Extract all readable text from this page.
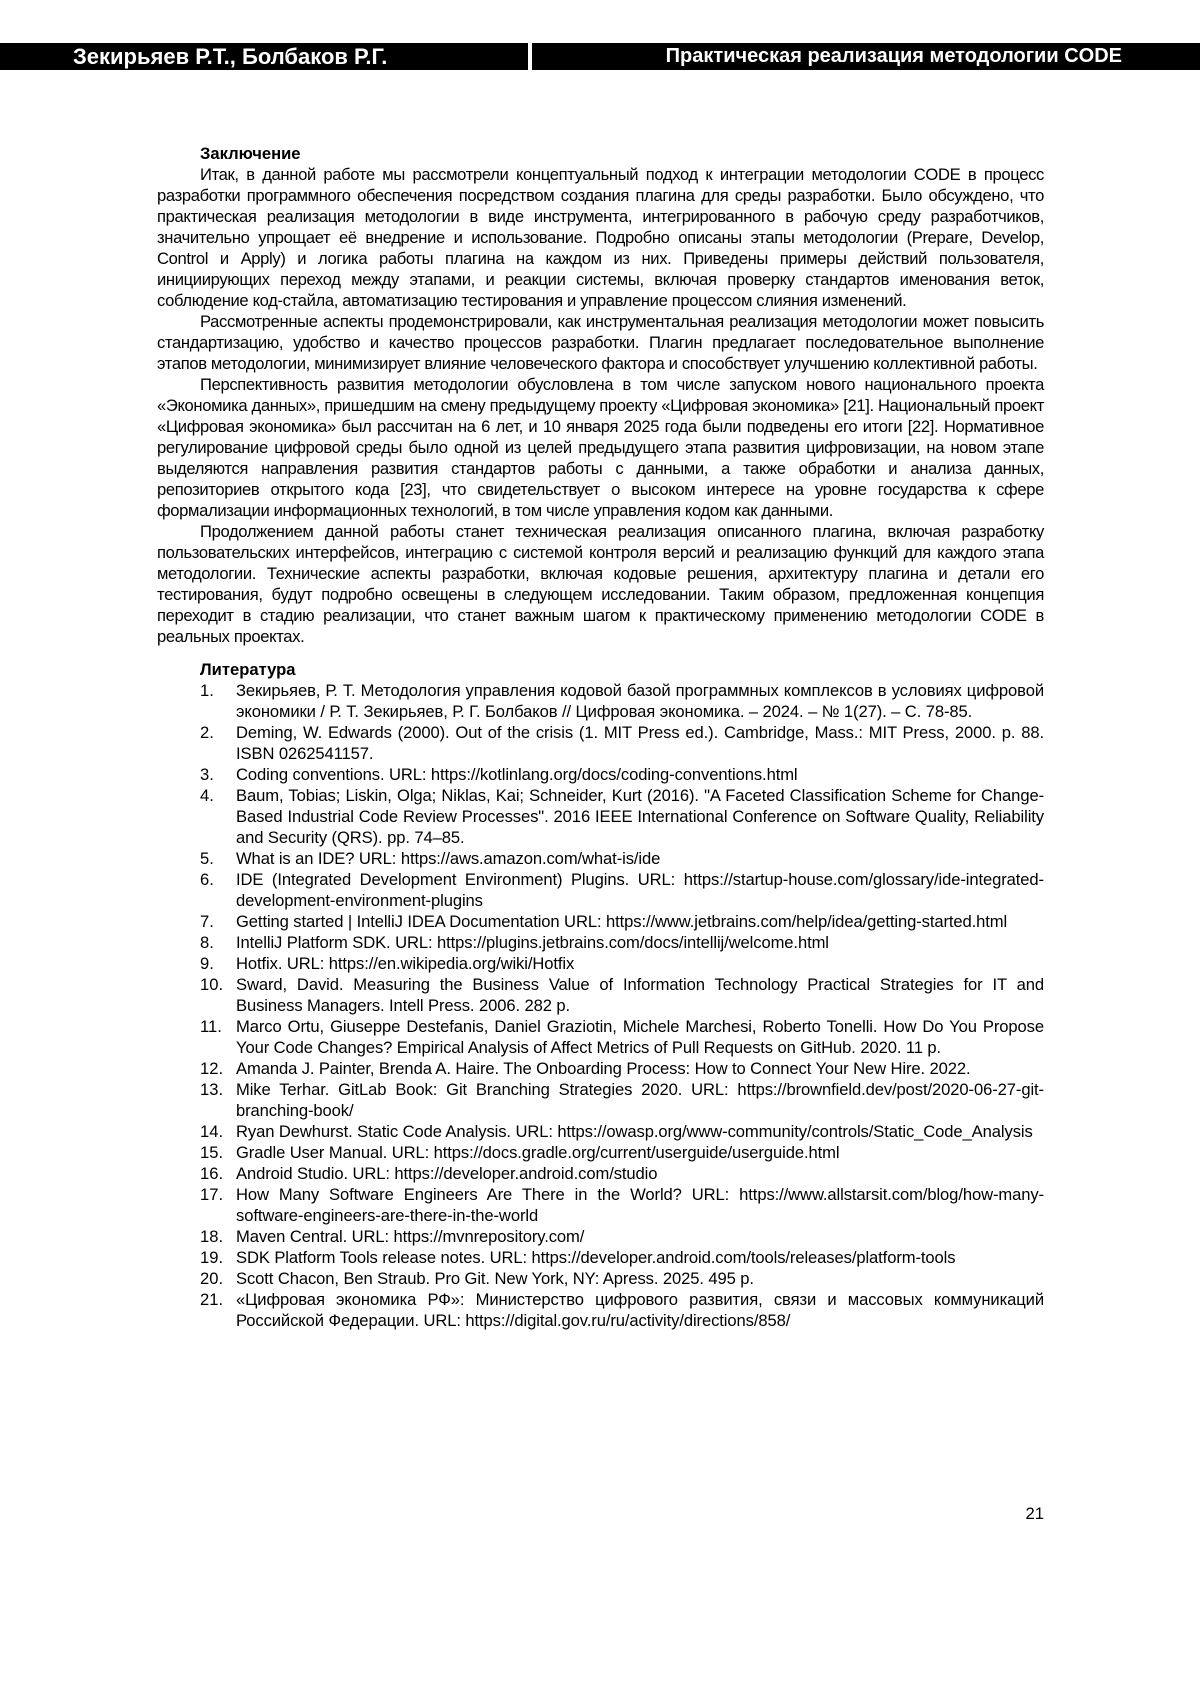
Зекирьяев Р.Т., Болбаков Р.Г.	Практическая реализация методологии CODE
Заключение

Итак, в данной работе мы рассмотрели концептуальный подход к интеграции методологии CODE в процесс разработки программного обеспечения посредством создания плагина для среды разработки. Было обсуждено, что практическая реализация методологии в виде инструмента, интегрированного в рабочую среду разработчиков, значительно упрощает её внедрение и использование. Подробно описаны этапы методологии (Prepare, Develop, Control и Apply) и логика работы плагина на каждом из них. Приведены примеры действий пользователя, инициирующих переход между этапами, и реакции системы, включая проверку стандартов именования веток, соблюдение код-стайла, автоматизацию тестирования и управление процессом слияния изменений.

Рассмотренные аспекты продемонстрировали, как инструментальная реализация методологии может повысить стандартизацию, удобство и качество процессов разработки. Плагин предлагает последовательное выполнение этапов методологии, минимизирует влияние человеческого фактора и способствует улучшению коллективной работы.

Перспективность развития методологии обусловлена в том числе запуском нового национального проекта «Экономика данных», пришедшим на смену предыдущему проекту «Цифровая экономика» [21]. Национальный проект «Цифровая экономика» был рассчитан на 6 лет, и 10 января 2025 года были подведены его итоги [22]. Нормативное регулирование цифровой среды было одной из целей предыдущего этапа развития цифровизации, на новом этапе выделяются направления развития стандартов работы с данными, а также обработки и анализа данных, репозиториев открытого кода [23], что свидетельствует о высоком интересе на уровне государства к сфере формализации информационных технологий, в том числе управления кодом как данными.

Продолжением данной работы станет техническая реализация описанного плагина, включая разработку пользовательских интерфейсов, интеграцию с системой контроля версий и реализацию функций для каждого этапа методологии. Технические аспекты разработки, включая кодовые решения, архитектуру плагина и детали его тестирования, будут подробно освещены в следующем исследовании. Таким образом, предложенная концепция переходит в стадию реализации, что станет важным шагом к практическому применению методологии CODE в реальных проектах.

Литература
1.	Зекирьяев, Р. Т. Методология управления кодовой базой программных комплексов в условиях цифровой экономики / Р. Т. Зекирьяев, Р. Г. Болбаков // Цифровая экономика. – 2024. – № 1(27). – С. 78-85.
2.	Deming, W. Edwards (2000). Out of the crisis (1. MIT Press ed.). Cambridge, Mass.: MIT Press, 2000. p. 88. ISBN 0262541157.
3.	Coding conventions. URL: https://kotlinlang.org/docs/coding-conventions.html
4.	Baum, Tobias; Liskin, Olga; Niklas, Kai; Schneider, Kurt (2016). "A Faceted Classification Scheme for Change-Based Industrial Code Review Processes". 2016 IEEE International Conference on Software Quality, Reliability and Security (QRS). pp. 74–85.
5.	What is an IDE? URL: https://aws.amazon.com/what-is/ide
6.	IDE (Integrated Development Environment) Plugins. URL: https://startup-house.com/glossary/ide-integrated-development-environment-plugins
7.	Getting started | IntelliJ IDEA Documentation URL: https://www.jetbrains.com/help/idea/getting-started.html
8.	IntelliJ Platform SDK. URL: https://plugins.jetbrains.com/docs/intellij/welcome.html
9.	Hotfix. URL: https://en.wikipedia.org/wiki/Hotfix
10. Sward, David. Measuring the Business Value of Information Technology Practical Strategies for IT and Business Managers. Intell Press. 2006. 282 p.
11. Marco Ortu, Giuseppe Destefanis, Daniel Graziotin, Michele Marchesi, Roberto Tonelli. How Do You Propose Your Code Changes? Empirical Analysis of Affect Metrics of Pull Requests on GitHub. 2020. 11 p.
12. Amanda J. Painter, Brenda A. Haire. The Onboarding Process: How to Connect Your New Hire. 2022.
13. Mike Terhar. GitLab Book: Git Branching Strategies 2020. URL: https://brownfield.dev/post/2020-06-27-git-branching-book/
14. Ryan Dewhurst. Static Code Analysis. URL: https://owasp.org/www-community/controls/Static_Code_Analysis
15. Gradle User Manual. URL: https://docs.gradle.org/current/userguide/userguide.html
16. Android Studio. URL: https://developer.android.com/studio
17. How Many Software Engineers Are There in the World? URL: https://www.allstarsit.com/blog/how-many-software-engineers-are-there-in-the-world
18. Maven Central. URL: https://mvnrepository.com/
19. SDK Platform Tools release notes. URL: https://developer.android.com/tools/releases/platform-tools
20. Scott Chacon, Ben Straub. Pro Git. New York, NY: Apress. 2025. 495 p.
21. «Цифровая экономика РФ»: Министерство цифрового развития, связи и массовых коммуникаций Российской Федерации. URL: https://digital.gov.ru/ru/activity/directions/858/
21
